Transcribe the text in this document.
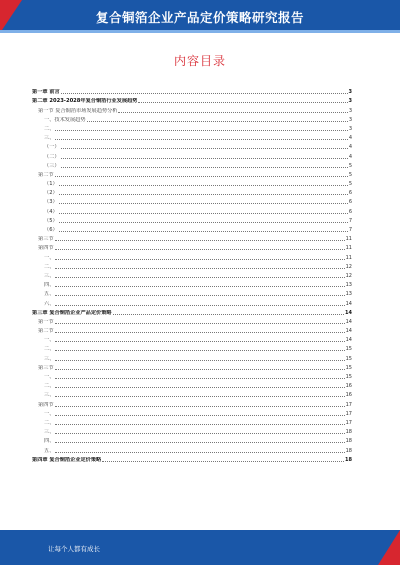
复合铜箔企业产品定价策略研究报告
内容目录
第一章 前言	3
第二章 2023-2028年复合铜箔行业发展趋势	3
第一节 复合铜箔市场发展趋势分析	3
一、技术发展趋势	3
二、	3
三、	4
（一）	4
（二）	4
（三）	5
第二节	5
（1）	5
（2）	6
（3）	6
（4）	6
（5）	7
（6）	7
第三节	11
第四节	11
一、	11
二、	12
三、	12
四、	13
五、	13
六、	14
第三章 复合铜箔企业产品定价策略	14
第一节	14
第二节	14
一、	14
二、	15
三、	15
第三节	15
一、	15
二、	16
三、	16
第四节	17
一、	17
二、	17
三、	18
四、	18
五、	18
第四章 复合铜箔企业定价策略	18
让每个人都有成长
